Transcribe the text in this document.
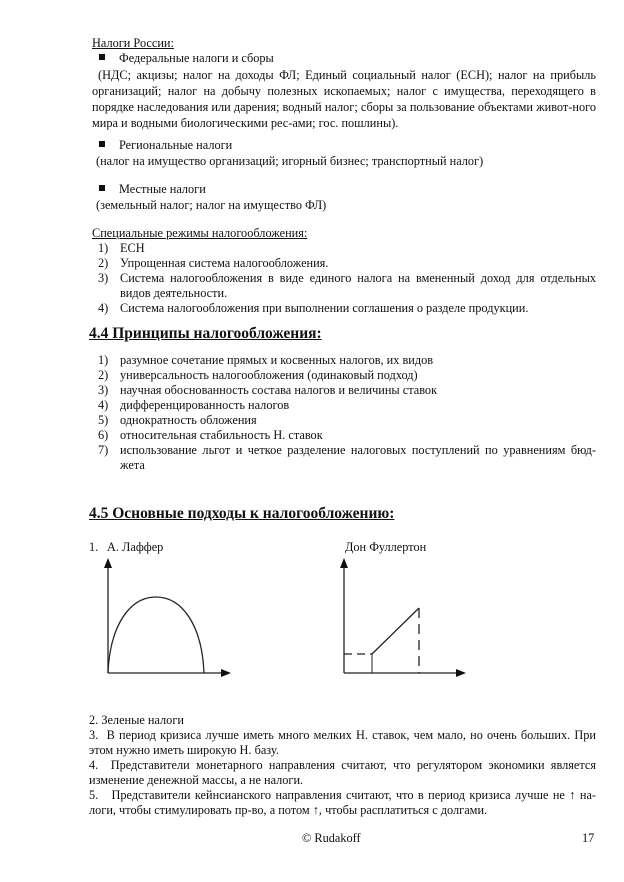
Налоги России:
Федеральные налоги и сборы
(НДС; акцизы; налог на доходы ФЛ; Единый социальный налог (ЕСН); налог на прибыль организаций; налог на добычу полезных ископаемых; налог с имущества, переходящего в порядке наследования или дарения; водный налог; сборы за пользование объектами живот-ного мира и водными биологическими рес-ами; гос. пошлины).
Региональные налоги
(налог на имущество организаций; игорный бизнес; транспортный налог)
Местные налоги
(земельный налог; налог на имущество ФЛ)
Специальные режимы налогообложения:
1) ЕСН
2) Упрощенная система налогообложения.
3) Система налогообложения в виде единого налога на вмененный доход для отдельных видов деятельности.
4) Система налогообложения при выполнении соглашения о разделе продукции.
4.4 Принципы налогообложения:
1) разумное сочетание прямых и косвенных налогов, их видов
2) универсальность налогообложения (одинаковый подход)
3) научная обоснованность состава налогов и величины ставок
4) дифференцированность налогов
5) однократность обложения
6) относительная стабильность Н. ставок
7) использование льгот и четкое разделение налоговых поступлений по уравнениям бюд-жета
4.5 Основные подходы к налогообложению:
1. А. Лаффер	Дон Фуллертон
2. Зеленые налоги
3. В период кризиса лучше иметь много мелких Н. ставок, чем мало, но очень больших. При этом нужно иметь широкую Н. базу.
4. Представители монетарного направления считают, что регулятором экономики является изменение денежной массы, а не налоги.
5. Представители кейнсианского направления считают, что в период кризиса лучше не ↑ на-логи, чтобы стимулировать пр-во, а потом ↑, чтобы расплатиться с долгами.
© Rudakoff	17
